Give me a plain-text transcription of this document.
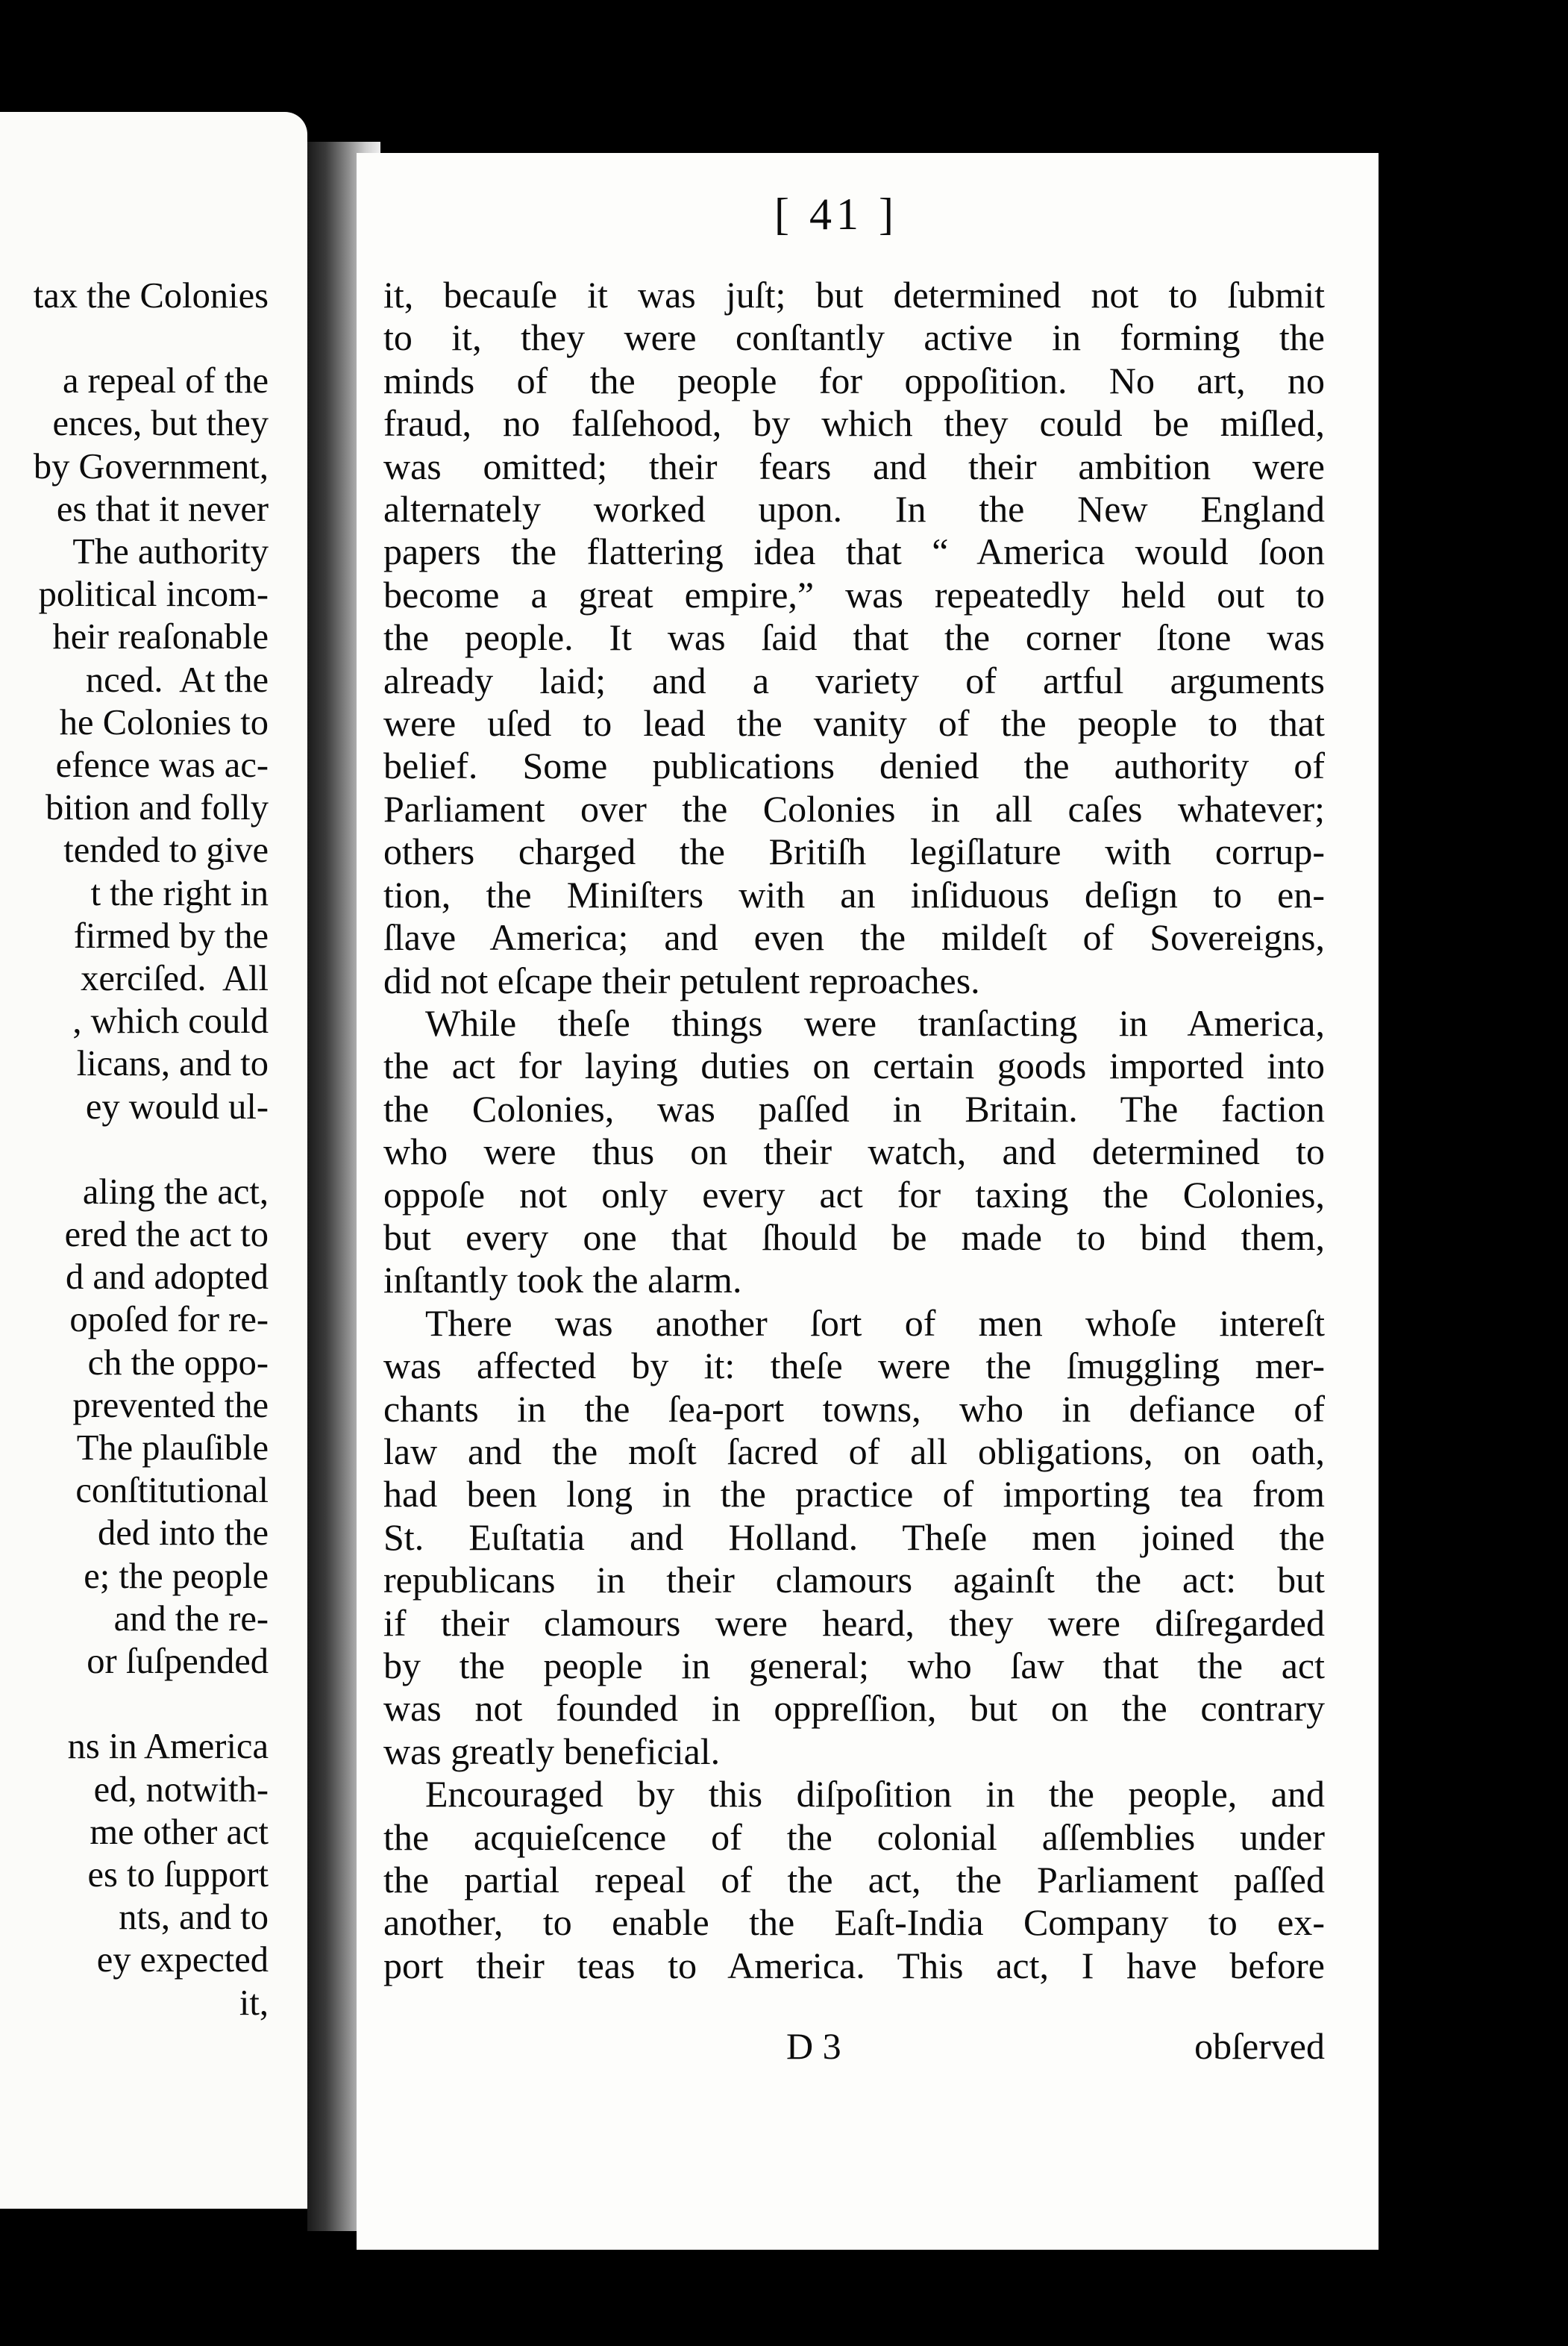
tax the Colonies
a repeal of the
ences, but they
by Government,
es that it never
The authority
political incom-
heir reaſonable
nced.  At the
he Colonies to
efence was ac-
bition and folly
tended to give
t the right in
firmed by the
xerciſed.  All
, which could
licans, and to
ey would ul-
aling the act,
ered the act to
d and adopted
opoſed for re-
ch the oppo-
prevented the
The plauſible
conſtitutional
ded into the
e; the people
and the re-
or ſuſpended
ns in America
ed, notwith-
me other act
es to ſupport
nts, and to
ey expected
it,
[ 41 ]
it, becauſe it was juſt; but determined not to ſubmit
to it, they were conſtantly active in forming the
minds of the people for oppoſition. No art, no
fraud, no falſehood, by which they could be miſled,
was omitted; their fears and their ambition were
alternately worked upon. In the New England
papers the flattering idea that “ America would ſoon
become a great empire,” was repeatedly held out to
the people. It was ſaid that the corner ſtone was
already laid; and a variety of artful arguments
were uſed to lead the vanity of the people to that
belief. Some publications denied the authority of
Parliament over the Colonies in all caſes whatever;
others charged the Britiſh legiſlature with corrup-
tion, the Miniſters with an inſiduous deſign to en-
ſlave America; and even the mildeſt of Sovereigns,
did not eſcape their petulent reproaches.
While theſe things were tranſacting in America,
the act for laying duties on certain goods imported into
the Colonies, was paſſed in Britain. The faction
who were thus on their watch, and determined to
oppoſe not only every act for taxing the Colonies,
but every one that ſhould be made to bind them,
inſtantly took the alarm.
There was another ſort of men whoſe intereſt
was affected by it: theſe were the ſmuggling mer-
chants in the ſea-port towns, who in defiance of
law and the moſt ſacred of all obligations, on oath,
had been long in the practice of importing tea from
St. Euſtatia and Holland. Theſe men joined the
republicans in their clamours againſt the act: but
if their clamours were heard, they were diſregarded
by the people in general; who ſaw that the act
was not founded in oppreſſion, but on the contrary
was greatly beneficial.
Encouraged by this diſpoſition in the people, and
the acquieſcence of the colonial aſſemblies under
the partial repeal of the act, the Parliament paſſed
another, to enable the Eaſt-India Company to ex-
port their teas to America. This act, I have before
D 3	obſerved
